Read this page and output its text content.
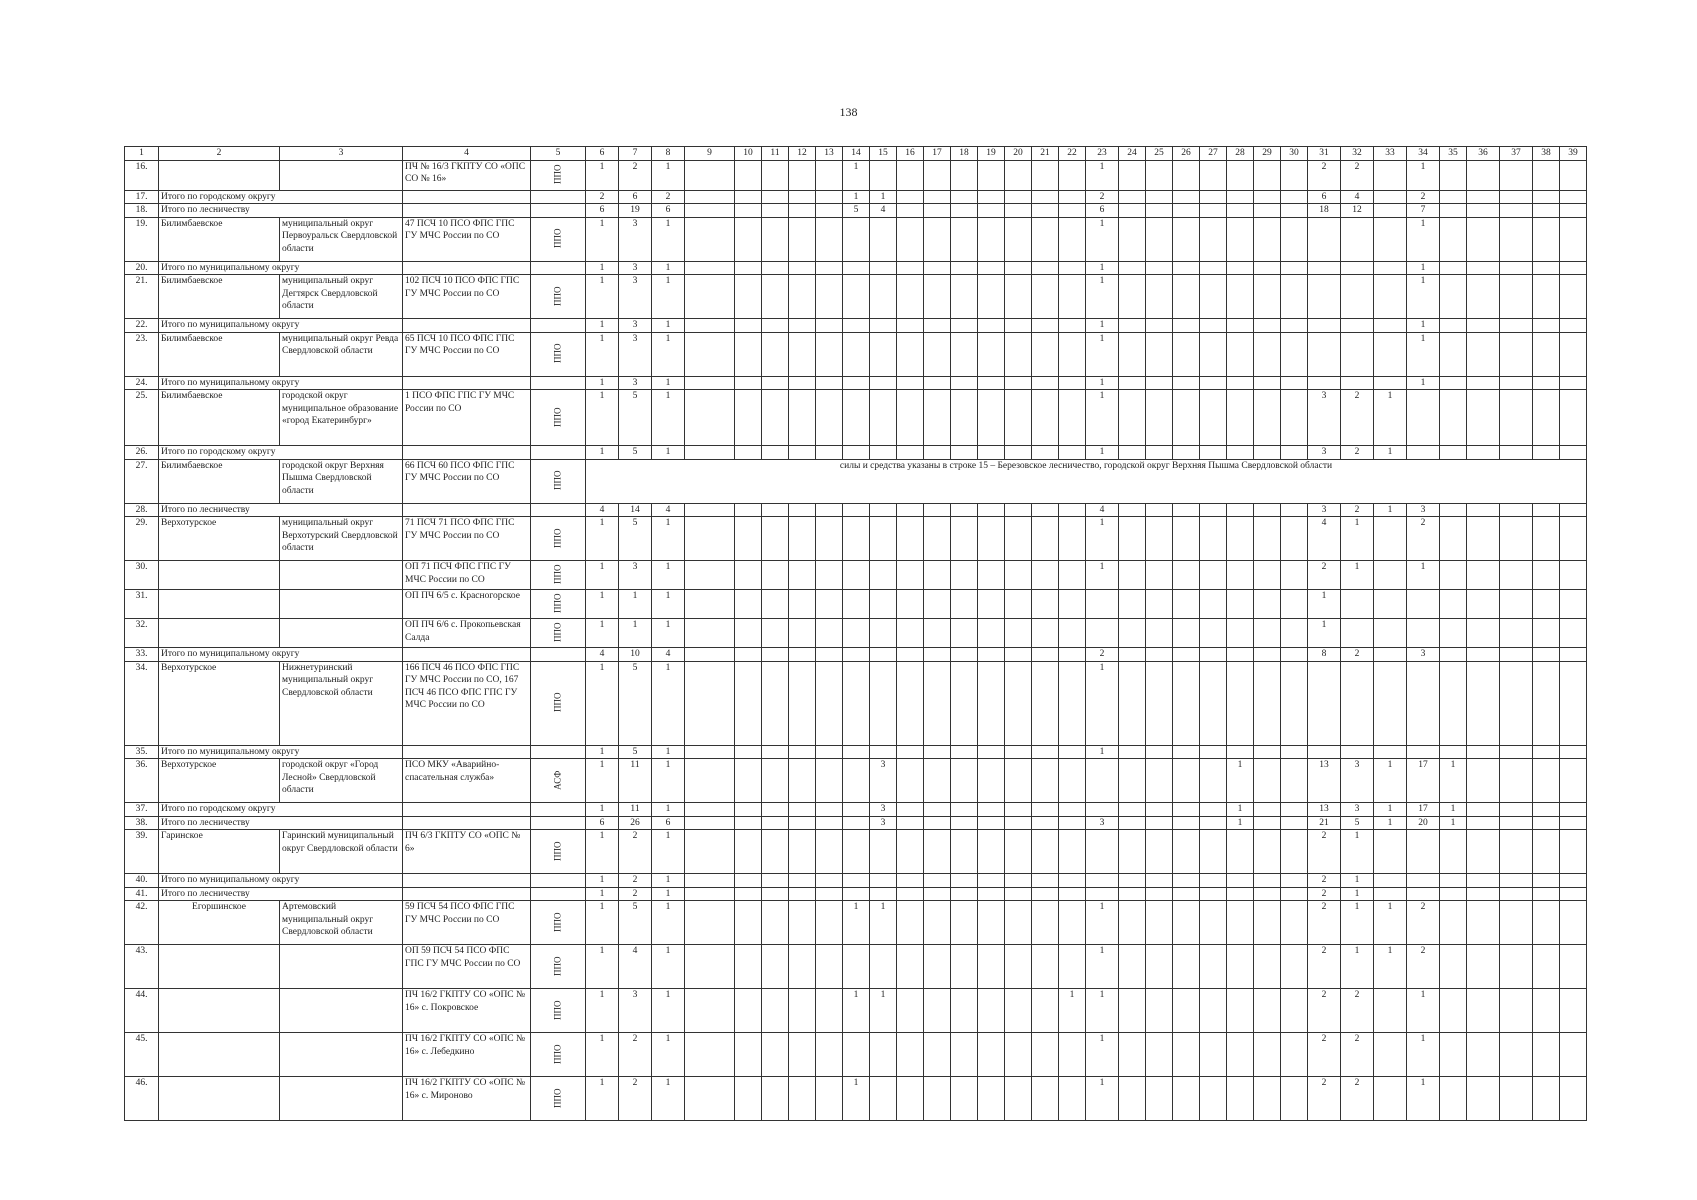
138
1	2	3	4	5	6	7	8	9	10	11	12	13	14	15	16	17	18	19	20	21	22	23	24	25	26	27	28	29	30	31	32	33	34	35	36	37	38	39
16.			ПЧ № 16/3 ГКПТУ СО «ОПС СО № 16»	ППО	1	2	1						1									1								2	2		1					
17.	Итого по городскому округу				2	6	2						1	1								2								6	4		2					
18.	Итого по лесничеству				6	19	6						5	4								6								18	12		7					
19.	Билимбаевское	муниципальный округ Первоуральск Свердловской области	47 ПСЧ 10 ПСО ФПС ГПС ГУ МЧС России по СО	ППО	1	3	1															1											1					
20.	Итого по муниципальному округу				1	3	1															1											1					
21.	Билимбаевское	муниципальный округ Дегтярск Свердловской области	102 ПСЧ 10 ПСО ФПС ГПС ГУ МЧС России по СО	ППО	1	3	1															1											1					
22.	Итого по муниципальному округу				1	3	1															1											1					
23.	Билимбаевское	муниципальный округ Ревда Свердловской области	65 ПСЧ 10 ПСО ФПС ГПС ГУ МЧС России по СО	ППО	1	3	1															1											1					
24.	Итого по муниципальному округу				1	3	1															1											1					
25.	Билимбаевское	городской округ муниципальное образование «город Екатеринбург»	1 ПСО ФПС ГПС ГУ МЧС России по СО	ППО	1	5	1															1								3	2	1						
26.	Итого по городскому округу				1	5	1															1								3	2	1						
27.	Билимбаевское	городской округ Верхняя Пышма Свердловской области	66 ПСЧ 60 ПСО ФПС ГПС ГУ МЧС России по СО	ППО	силы и средства указаны в строке 15 – Березовское лесничество, городской округ Верхняя Пышма Свердловской области																																	
28.	Итого по лесничеству				4	14	4															4								3	2	1	3					
29.	Верхотурское	муниципальный округ Верхотурский Свердловской области	71 ПСЧ 71 ПСО ФПС ГПС ГУ МЧС России по СО	ППО	1	5	1															1								4	1		2					
30.			ОП 71 ПСЧ ФПС ГПС ГУ МЧС России по СО	ППО	1	3	1															1								2	1		1					
31.			ОП ПЧ 6/5 с. Красногорское	ППО	1	1	1																							1								
32.			ОП ПЧ 6/6 с. Прокопьевская Салда	ППО	1	1	1																							1								
33.	Итого по муниципальному округу				4	10	4															2								8	2		3					
34.	Верхотурское	Нижнетуринский муниципальный округ Свердловской области	166 ПСЧ 46 ПСО ФПС ГПС ГУ МЧС России по СО, 167 ПСЧ 46 ПСО ФПС ГПС ГУ МЧС России по СО	ППО	1	5	1															1																
35.	Итого по муниципальному округу				1	5	1															1																
36.	Верхотурское	городской округ «Город Лесной» Свердловской области	ПСО МКУ «Аварийно-спасательная служба»	АСФ	1	11	1							3													1			13	3	1	17	1				
37.	Итого по городскому округу				1	11	1							3													1			13	3	1	17	1				
38.	Итого по лесничеству				6	26	6							3								3					1			21	5	1	20	1				
39.	Гаринское	Гаринский муниципальный округ Свердловской области	ПЧ 6/3 ГКПТУ СО «ОПС № 6»	ППО	1	2	1																							2	1							
40.	Итого по муниципальному округу				1	2	1																							2	1							
41.	Итого по лесничеству				1	2	1																							2	1							
42.	Егоршинское	Артемовский муниципальный округ Свердловской области	59 ПСЧ 54 ПСО ФПС ГПС ГУ МЧС России по СО	ППО	1	5	1						1	1								1								2	1	1	2					
43.			ОП 59 ПСЧ 54 ПСО ФПС ГПС ГУ МЧС России по СО	ППО	1	4	1															1								2	1	1	2					
44.			ПЧ 16/2 ГКПТУ СО «ОПС № 16» с. Покровское	ППО	1	3	1						1	1							1	1								2	2		1					
45.			ПЧ 16/2 ГКПТУ СО «ОПС № 16» с. Лебедкино	ППО	1	2	1															1								2	2		1					
46.			ПЧ 16/2 ГКПТУ СО «ОПС № 16» с. Мироново	ППО	1	2	1						1									1								2	2		1					
